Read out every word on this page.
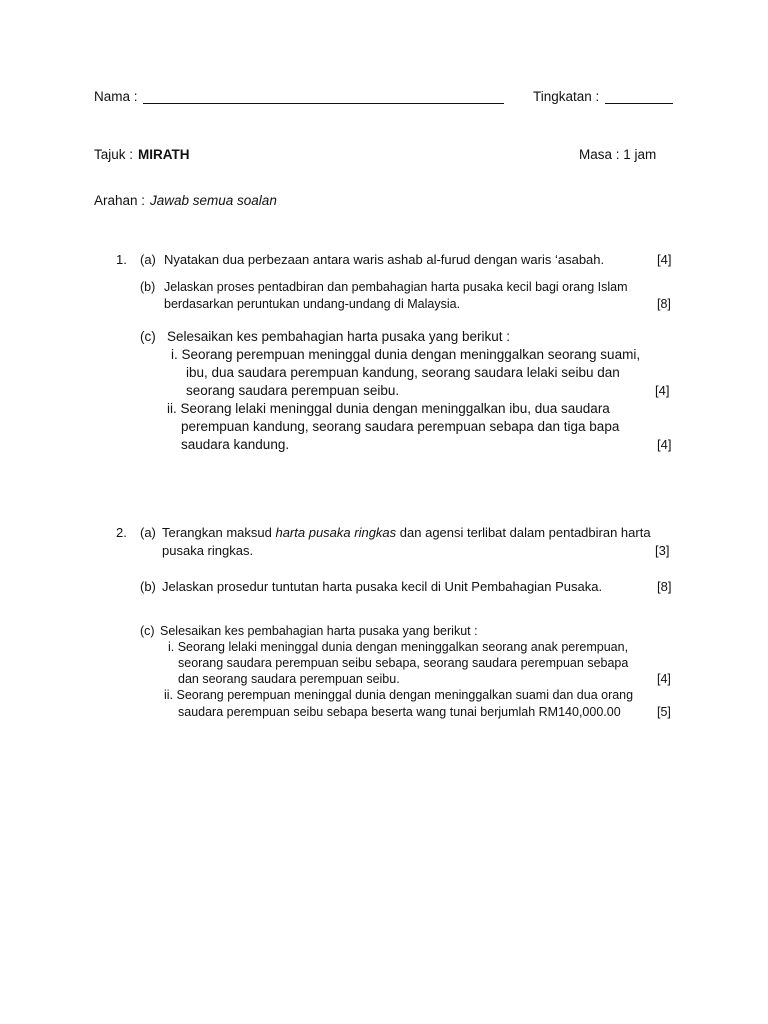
Nama :	Tingkatan :
Tajuk : MIRATH	Masa : 1 jam
Arahan : Jawab semua soalan
1. (a) Nyatakan dua perbezaan antara waris ashab al-furud dengan waris ‘asabah.	[4]
(b) Jelaskan proses pentadbiran dan pembahagian harta pusaka kecil bagi orang Islam
berdasarkan peruntukan undang-undang di Malaysia.	[8]
(c) Selesaikan kes pembahagian harta pusaka yang berikut :
i. Seorang perempuan meninggal dunia dengan meninggalkan seorang suami,
ibu, dua saudara perempuan kandung, seorang saudara lelaki seibu dan
seorang saudara perempuan seibu.	[4]
ii. Seorang lelaki meninggal dunia dengan meninggalkan ibu, dua saudara
perempuan kandung, seorang saudara perempuan sebapa dan tiga bapa
saudara kandung.	[4]
2. (a) Terangkan maksud harta pusaka ringkas dan agensi terlibat dalam pentadbiran harta
pusaka ringkas.	[3]
(b) Jelaskan prosedur tuntutan harta pusaka kecil di Unit Pembahagian Pusaka.	[8]
(c) Selesaikan kes pembahagian harta pusaka yang berikut :
i. Seorang lelaki meninggal dunia dengan meninggalkan seorang anak perempuan,
seorang saudara perempuan seibu sebapa, seorang saudara perempuan sebapa
dan seorang saudara perempuan seibu.	[4]
ii. Seorang perempuan meninggal dunia dengan meninggalkan suami dan dua orang
saudara perempuan seibu sebapa beserta wang tunai berjumlah RM140,000.00	[5]
